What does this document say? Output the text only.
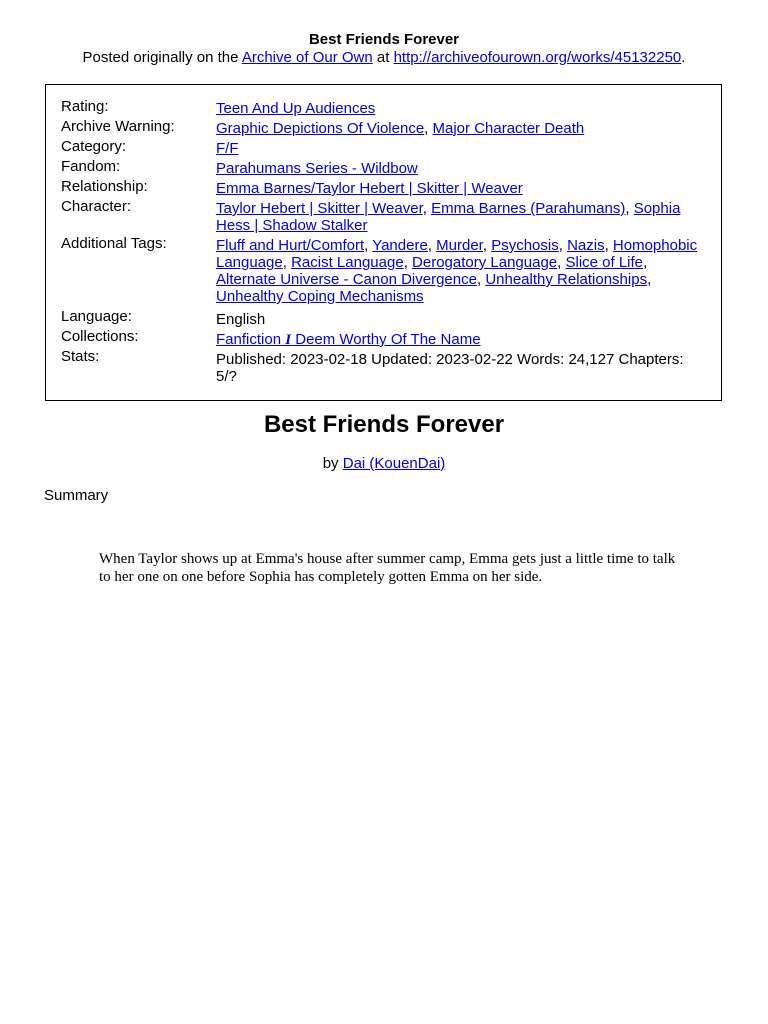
Best Friends Forever
Posted originally on the Archive of Our Own at http://archiveofourown.org/works/45132250.
Rating:	Teen And Up Audiences
Archive Warning:	Graphic Depictions Of Violence, Major Character Death
Category:	F/F
Fandom:	Parahumans Series - Wildbow
Relationship:	Emma Barnes/Taylor Hebert | Skitter | Weaver
Character:	Taylor Hebert | Skitter | Weaver, Emma Barnes (Parahumans), Sophia Hess | Shadow Stalker
Additional Tags:	Fluff and Hurt/Comfort, Yandere, Murder, Psychosis, Nazis, Homophobic Language, Racist Language, Derogatory Language, Slice of Life, Alternate Universe - Canon Divergence, Unhealthy Relationships, Unhealthy Coping Mechanisms
Language:	English
Collections:	Fanfiction I Deem Worthy Of The Name
Stats:	Published: 2023-02-18 Updated: 2023-02-22 Words: 24,127 Chapters: 5/?
Best Friends Forever
by Dai (KouenDai)
Summary
When Taylor shows up at Emma's house after summer camp, Emma gets just a little time to talk to her one on one before Sophia has completely gotten Emma on her side.
